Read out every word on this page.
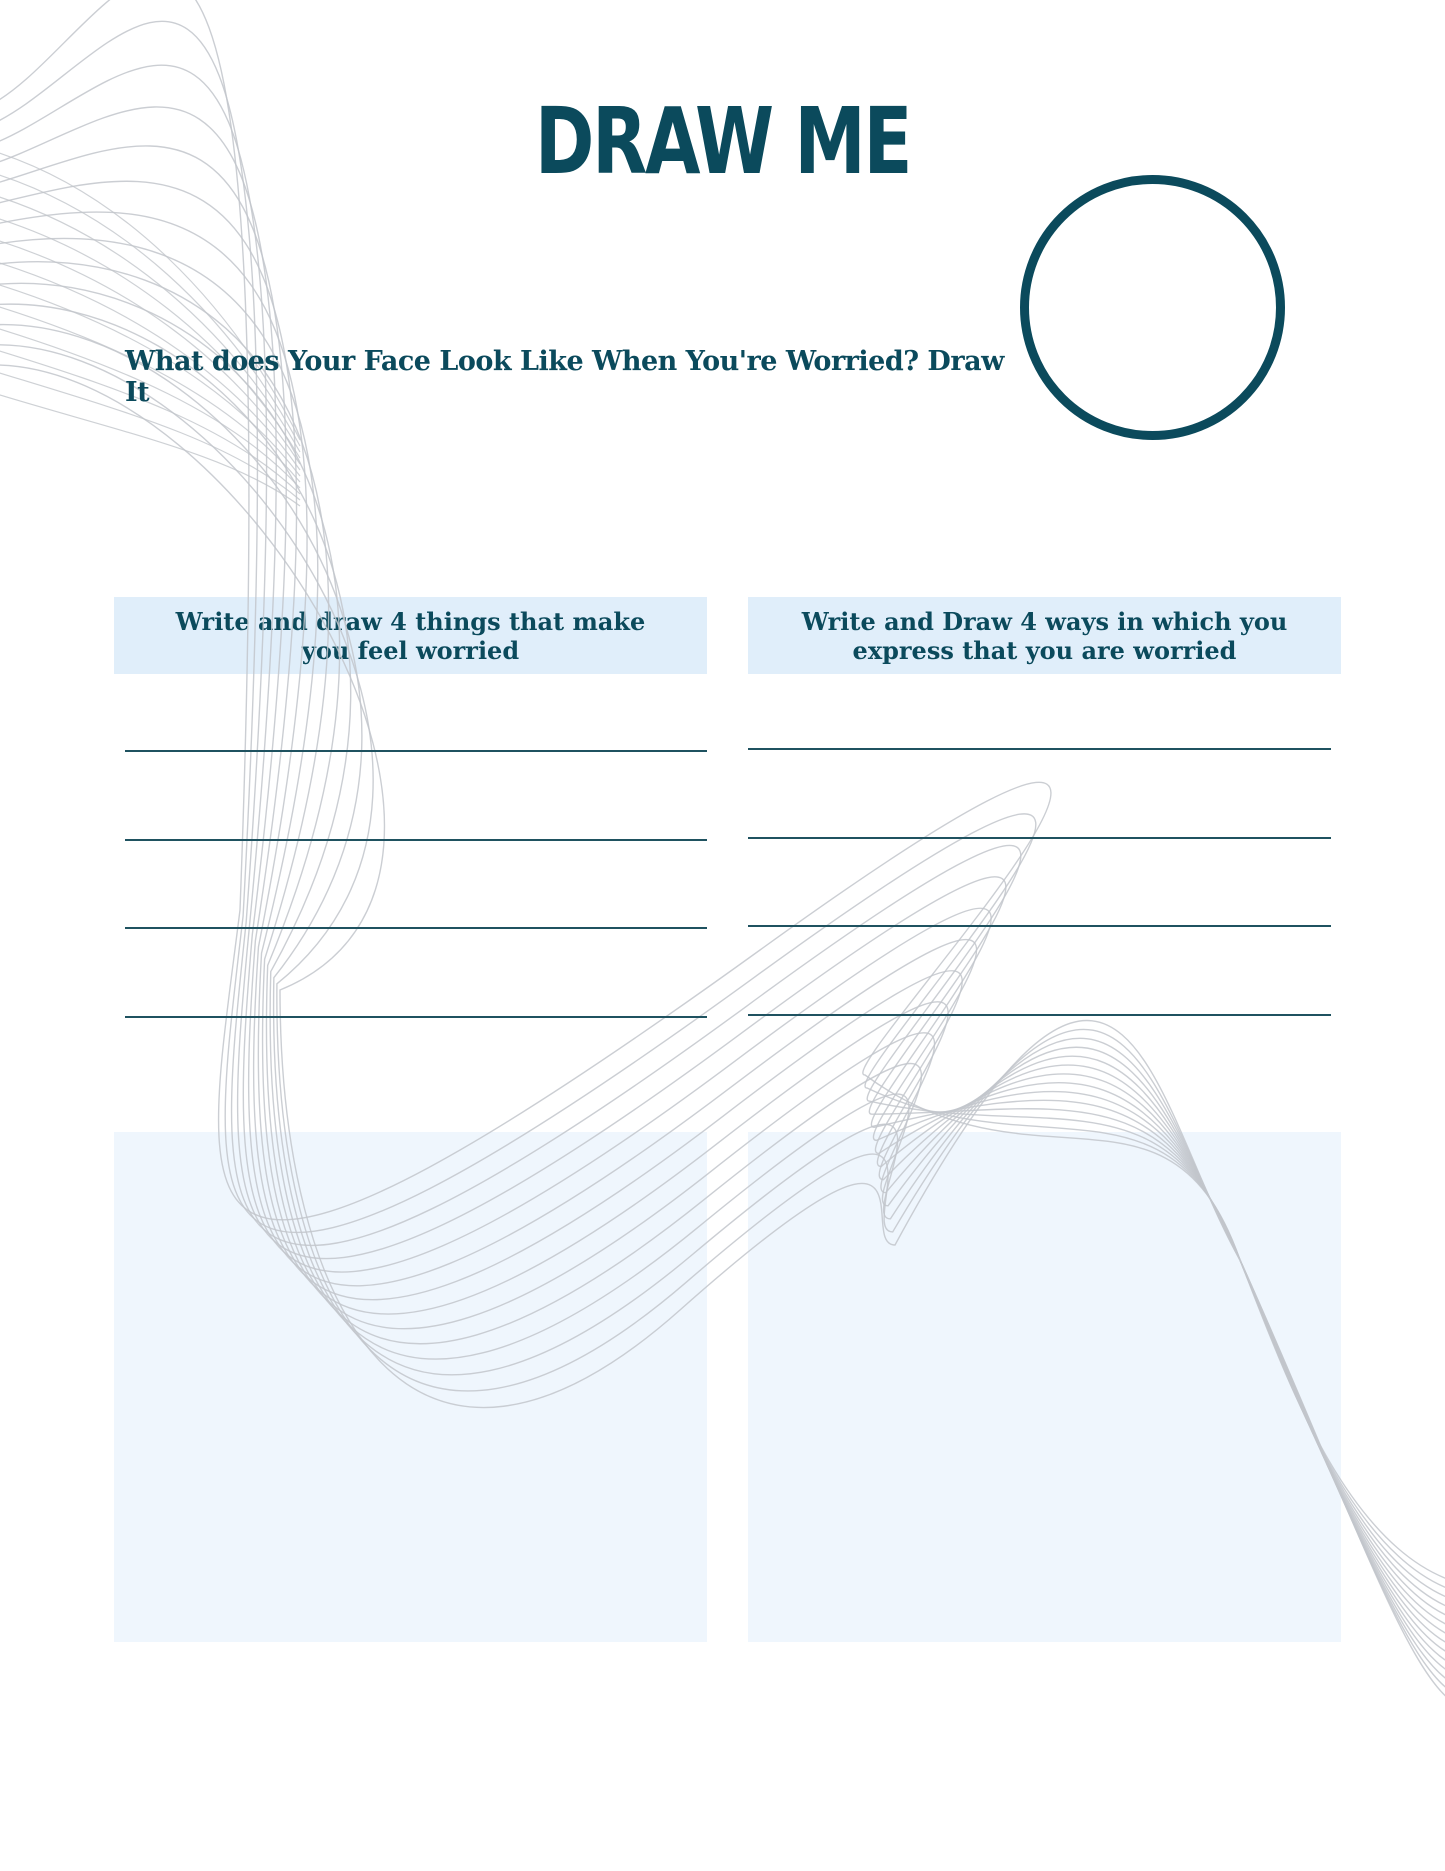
DRAW ME
What does Your Face Look Like When You're Worried? Draw It
Write and draw 4 things that make you feel worried
Write and Draw 4 ways in which you express that you are worried
